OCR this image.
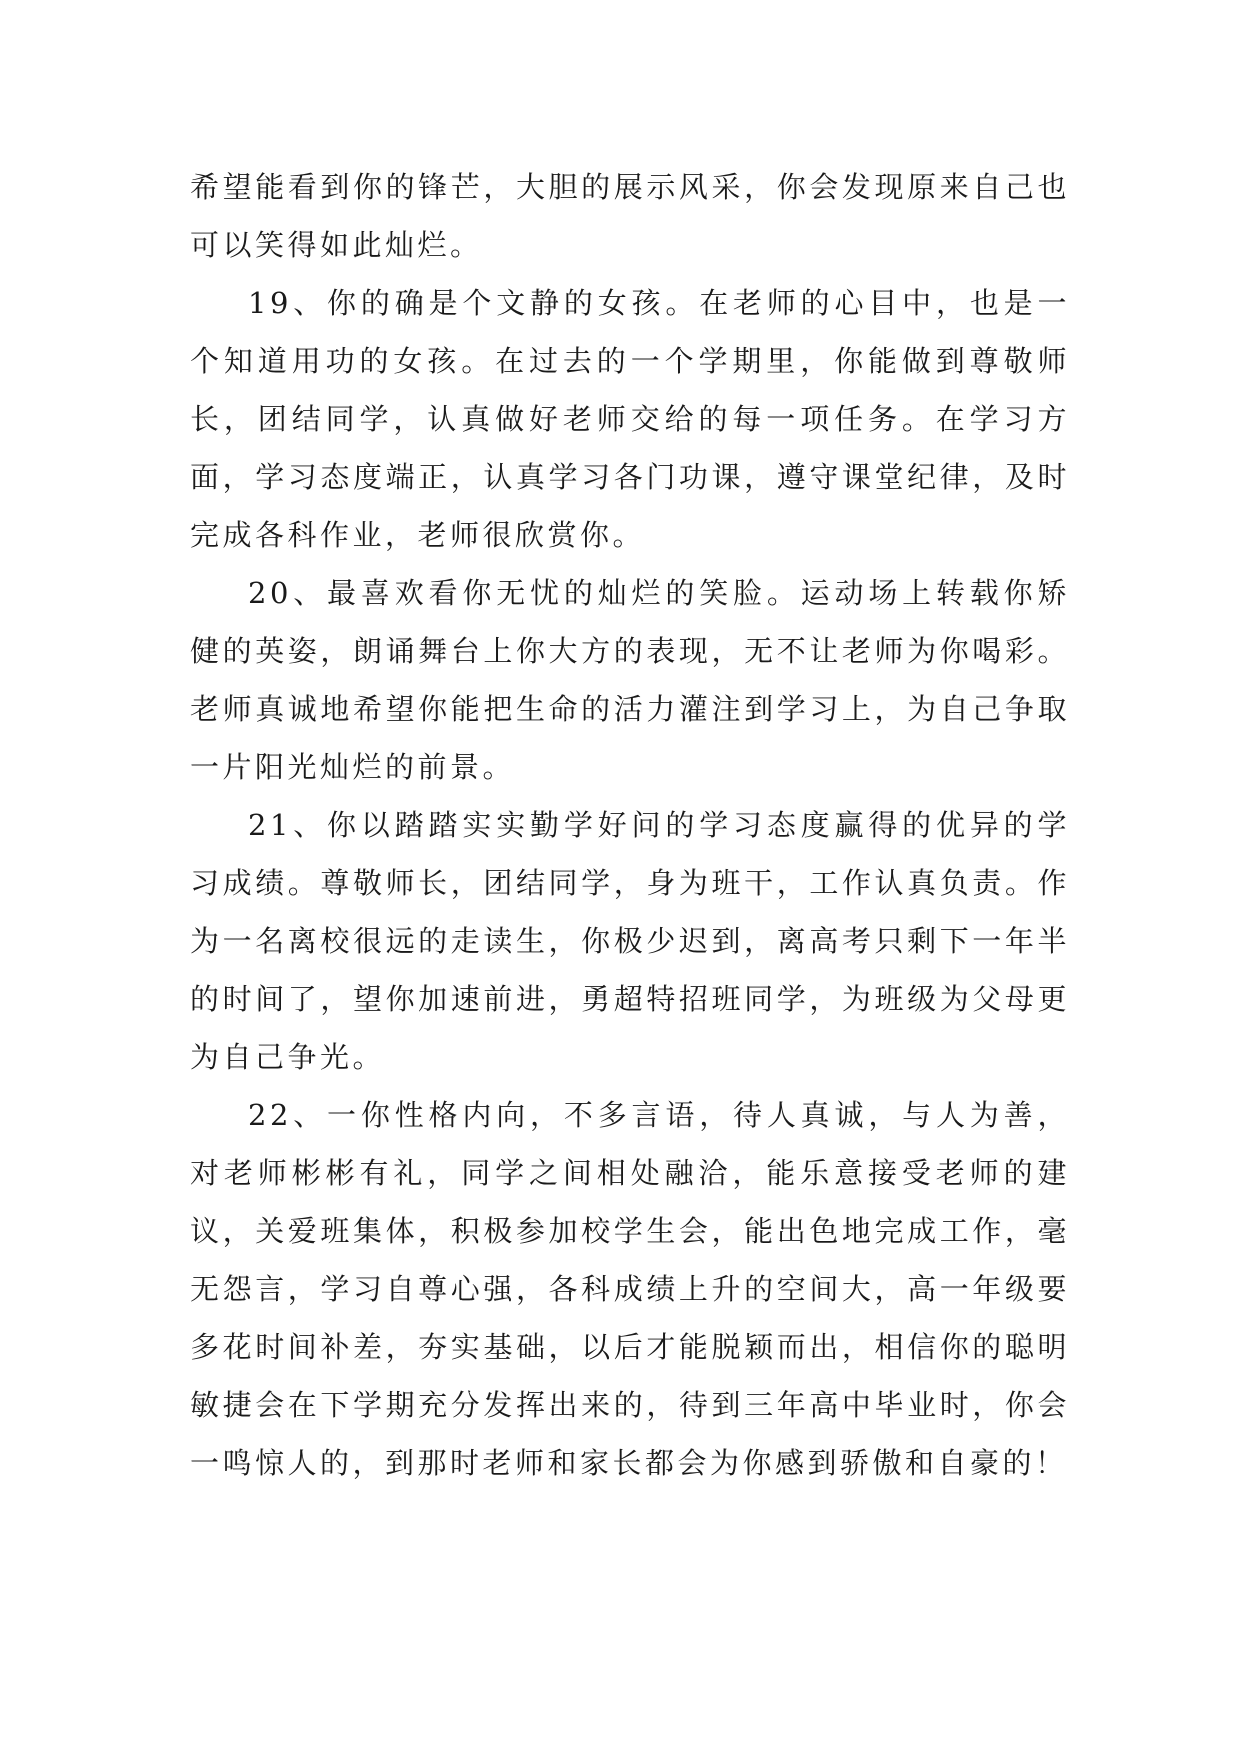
希望能看到你的锋芒，大胆的展示风采，你会发现原来自己也可以笑得如此灿烂。

19、你的确是个文静的女孩。在老师的心目中，也是一个知道用功的女孩。在过去的一个学期里，你能做到尊敬师长，团结同学，认真做好老师交给的每一项任务。在学习方面，学习态度端正，认真学习各门功课，遵守课堂纪律，及时完成各科作业，老师很欣赏你。

20、最喜欢看你无忧的灿烂的笑脸。运动场上转载你矫健的英姿，朗诵舞台上你大方的表现，无不让老师为你喝彩。老师真诚地希望你能把生命的活力灌注到学习上，为自己争取一片阳光灿烂的前景。

21、你以踏踏实实勤学好问的学习态度赢得的优异的学习成绩。尊敬师长，团结同学，身为班干，工作认真负责。作为一名离校很远的走读生，你极少迟到，离高考只剩下一年半的时间了，望你加速前进，勇超特招班同学，为班级为父母更为自己争光。

22、一你性格内向，不多言语，待人真诚，与人为善，对老师彬彬有礼，同学之间相处融洽，能乐意接受老师的建议，关爱班集体，积极参加校学生会，能出色地完成工作，毫无怨言，学习自尊心强，各科成绩上升的空间大，高一年级要多花时间补差，夯实基础，以后才能脱颖而出，相信你的聪明敏捷会在下学期充分发挥出来的，待到三年高中毕业时，你会一鸣惊人的，到那时老师和家长都会为你感到骄傲和自豪的！
